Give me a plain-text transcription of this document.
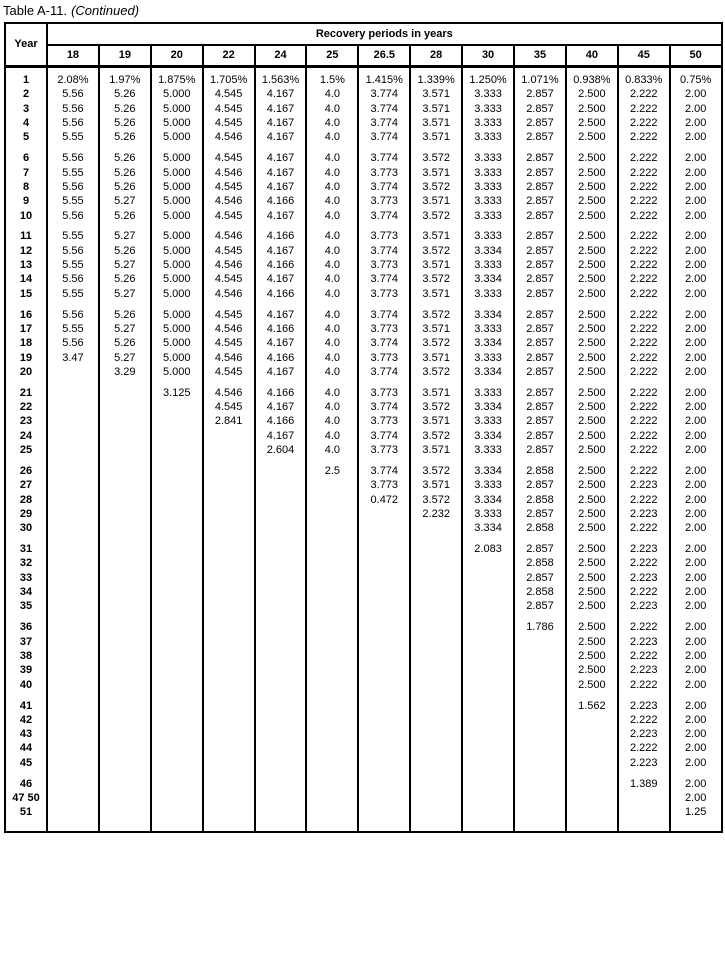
Table A-11. (Continued)
Year	Recovery periods in years												
	18	19	20	22	24	25	26.5	28	30	35	40	45	50

1	2.08%	1.97%	1.875%	1.705%	1.563%	1.5%	1.415%	1.339%	1.250%	1.071%	0.938%	0.833%	0.75%
2	5.56	5.26	5.000	4.545	4.167	4.0	3.774	3.571	3.333	2.857	2.500	2.222	2.00
3	5.56	5.26	5.000	4.545	4.167	4.0	3.774	3.571	3.333	2.857	2.500	2.222	2.00
4	5.56	5.26	5.000	4.545	4.167	4.0	3.774	3.571	3.333	2.857	2.500	2.222	2.00
5	5.55	5.26	5.000	4.546	4.167	4.0	3.774	3.571	3.333	2.857	2.500	2.222	2.00

6	5.56	5.26	5.000	4.545	4.167	4.0	3.774	3.572	3.333	2.857	2.500	2.222	2.00
7	5.55	5.26	5.000	4.546	4.167	4.0	3.773	3.571	3.333	2.857	2.500	2.222	2.00
8	5.56	5.26	5.000	4.545	4.167	4.0	3.774	3.572	3.333	2.857	2.500	2.222	2.00
9	5.55	5.27	5.000	4.546	4.166	4.0	3.773	3.571	3.333	2.857	2.500	2.222	2.00
10	5.56	5.26	5.000	4.545	4.167	4.0	3.774	3.572	3.333	2.857	2.500	2.222	2.00

11	5.55	5.27	5.000	4.546	4.166	4.0	3.773	3.571	3.333	2.857	2.500	2.222	2.00
12	5.56	5.26	5.000	4.545	4.167	4.0	3.774	3.572	3.334	2.857	2.500	2.222	2.00
13	5.55	5.27	5.000	4.546	4.166	4.0	3.773	3.571	3.333	2.857	2.500	2.222	2.00
14	5.56	5.26	5.000	4.545	4.167	4.0	3.774	3.572	3.334	2.857	2.500	2.222	2.00
15	5.55	5.27	5.000	4.546	4.166	4.0	3.773	3.571	3.333	2.857	2.500	2.222	2.00

16	5.56	5.26	5.000	4.545	4.167	4.0	3.774	3.572	3.334	2.857	2.500	2.222	2.00
17	5.55	5.27	5.000	4.546	4.166	4.0	3.773	3.571	3.333	2.857	2.500	2.222	2.00
18	5.56	5.26	5.000	4.545	4.167	4.0	3.774	3.572	3.334	2.857	2.500	2.222	2.00
19	3.47	5.27	5.000	4.546	4.166	4.0	3.773	3.571	3.333	2.857	2.500	2.222	2.00
20		3.29	5.000	4.545	4.167	4.0	3.774	3.572	3.334	2.857	2.500	2.222	2.00

21			3.125	4.546	4.166	4.0	3.773	3.571	3.333	2.857	2.500	2.222	2.00
22				4.545	4.167	4.0	3.774	3.572	3.334	2.857	2.500	2.222	2.00
23				2.841	4.166	4.0	3.773	3.571	3.333	2.857	2.500	2.222	2.00
24					4.167	4.0	3.774	3.572	3.334	2.857	2.500	2.222	2.00
25					2.604	4.0	3.773	3.571	3.333	2.857	2.500	2.222	2.00

26						2.5	3.774	3.572	3.334	2.858	2.500	2.222	2.00
27							3.773	3.571	3.333	2.857	2.500	2.223	2.00
28							0.472	3.572	3.334	2.858	2.500	2.222	2.00
29								2.232	3.333	2.857	2.500	2.223	2.00
30									3.334	2.858	2.500	2.222	2.00

31									2.083	2.857	2.500	2.223	2.00
32										2.858	2.500	2.222	2.00
33										2.857	2.500	2.223	2.00
34										2.858	2.500	2.222	2.00
35										2.857	2.500	2.223	2.00

36										1.786	2.500	2.222	2.00
37											2.500	2.223	2.00
38											2.500	2.222	2.00
39											2.500	2.223	2.00
40											2.500	2.222	2.00

41											1.562	2.223	2.00
42												2.222	2.00
43												2.223	2.00
44												2.222	2.00
45												2.223	2.00

46												1.389	2.00
47 50													2.00
51													1.25
